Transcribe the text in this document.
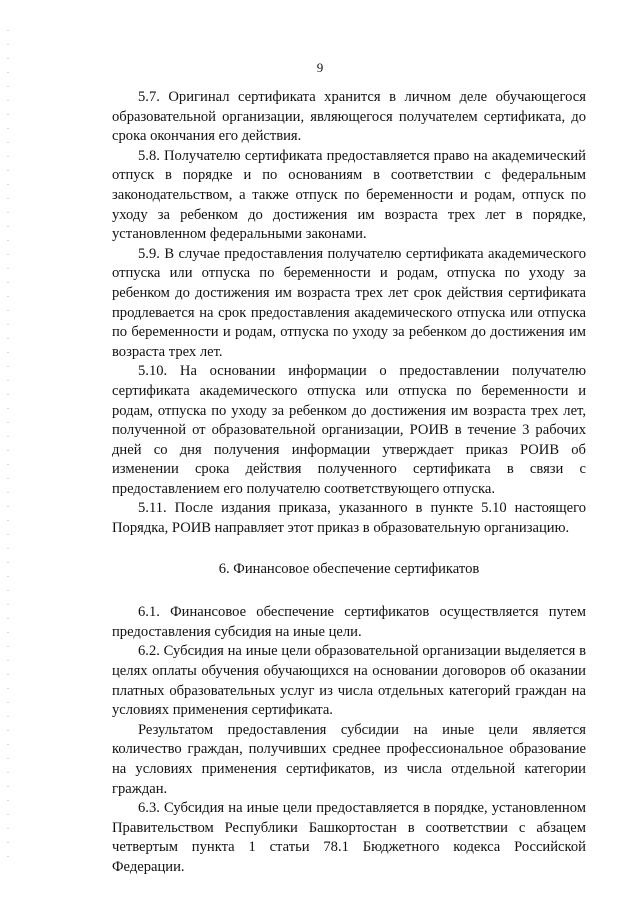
9

5.7. Оригинал сертификата хранится в личном деле обучающегося образовательной организации, являющегося получателем сертификата, до срока окончания его действия.

5.8. Получателю сертификата предоставляется право на академический отпуск в порядке и по основаниям в соответствии с федеральным законодательством, а также отпуск по беременности и родам, отпуск по уходу за ребенком до достижения им возраста трех лет в порядке, установленном федеральными законами.

5.9. В случае предоставления получателю сертификата академического отпуска или отпуска по беременности и родам, отпуска по уходу за ребенком до достижения им возраста трех лет срок действия сертификата продлевается на срок предоставления академического отпуска или отпуска по беременности и родам, отпуска по уходу за ребенком до достижения им возраста трех лет.

5.10. На основании информации о предоставлении получателю сертификата академического отпуска или отпуска по беременности и родам, отпуска по уходу за ребенком до достижения им возраста трех лет, полученной от образовательной организации, РОИВ в течение 3 рабочих дней со дня получения информации утверждает приказ РОИВ об изменении срока действия полученного сертификата в связи с предоставлением его получателю соответствующего отпуска.

5.11. После издания приказа, указанного в пункте 5.10 настоящего Порядка, РОИВ направляет этот приказ в образовательную организацию.

6. Финансовое обеспечение сертификатов

6.1. Финансовое обеспечение сертификатов осуществляется путем предоставления субсидия на иные цели.

6.2. Субсидия на иные цели образовательной организации выделяется в целях оплаты обучения обучающихся на основании договоров об оказании платных образовательных услуг из числа отдельных категорий граждан на условиях применения сертификата.

Результатом предоставления субсидии на иные цели является количество граждан, получивших среднее профессиональное образование на условиях применения сертификатов, из числа отдельной категории граждан.

6.3. Субсидия на иные цели предоставляется в порядке, установленном Правительством Республики Башкортостан в соответствии с абзацем четвертым пункта 1 статьи 78.1 Бюджетного кодекса Российской Федерации.
